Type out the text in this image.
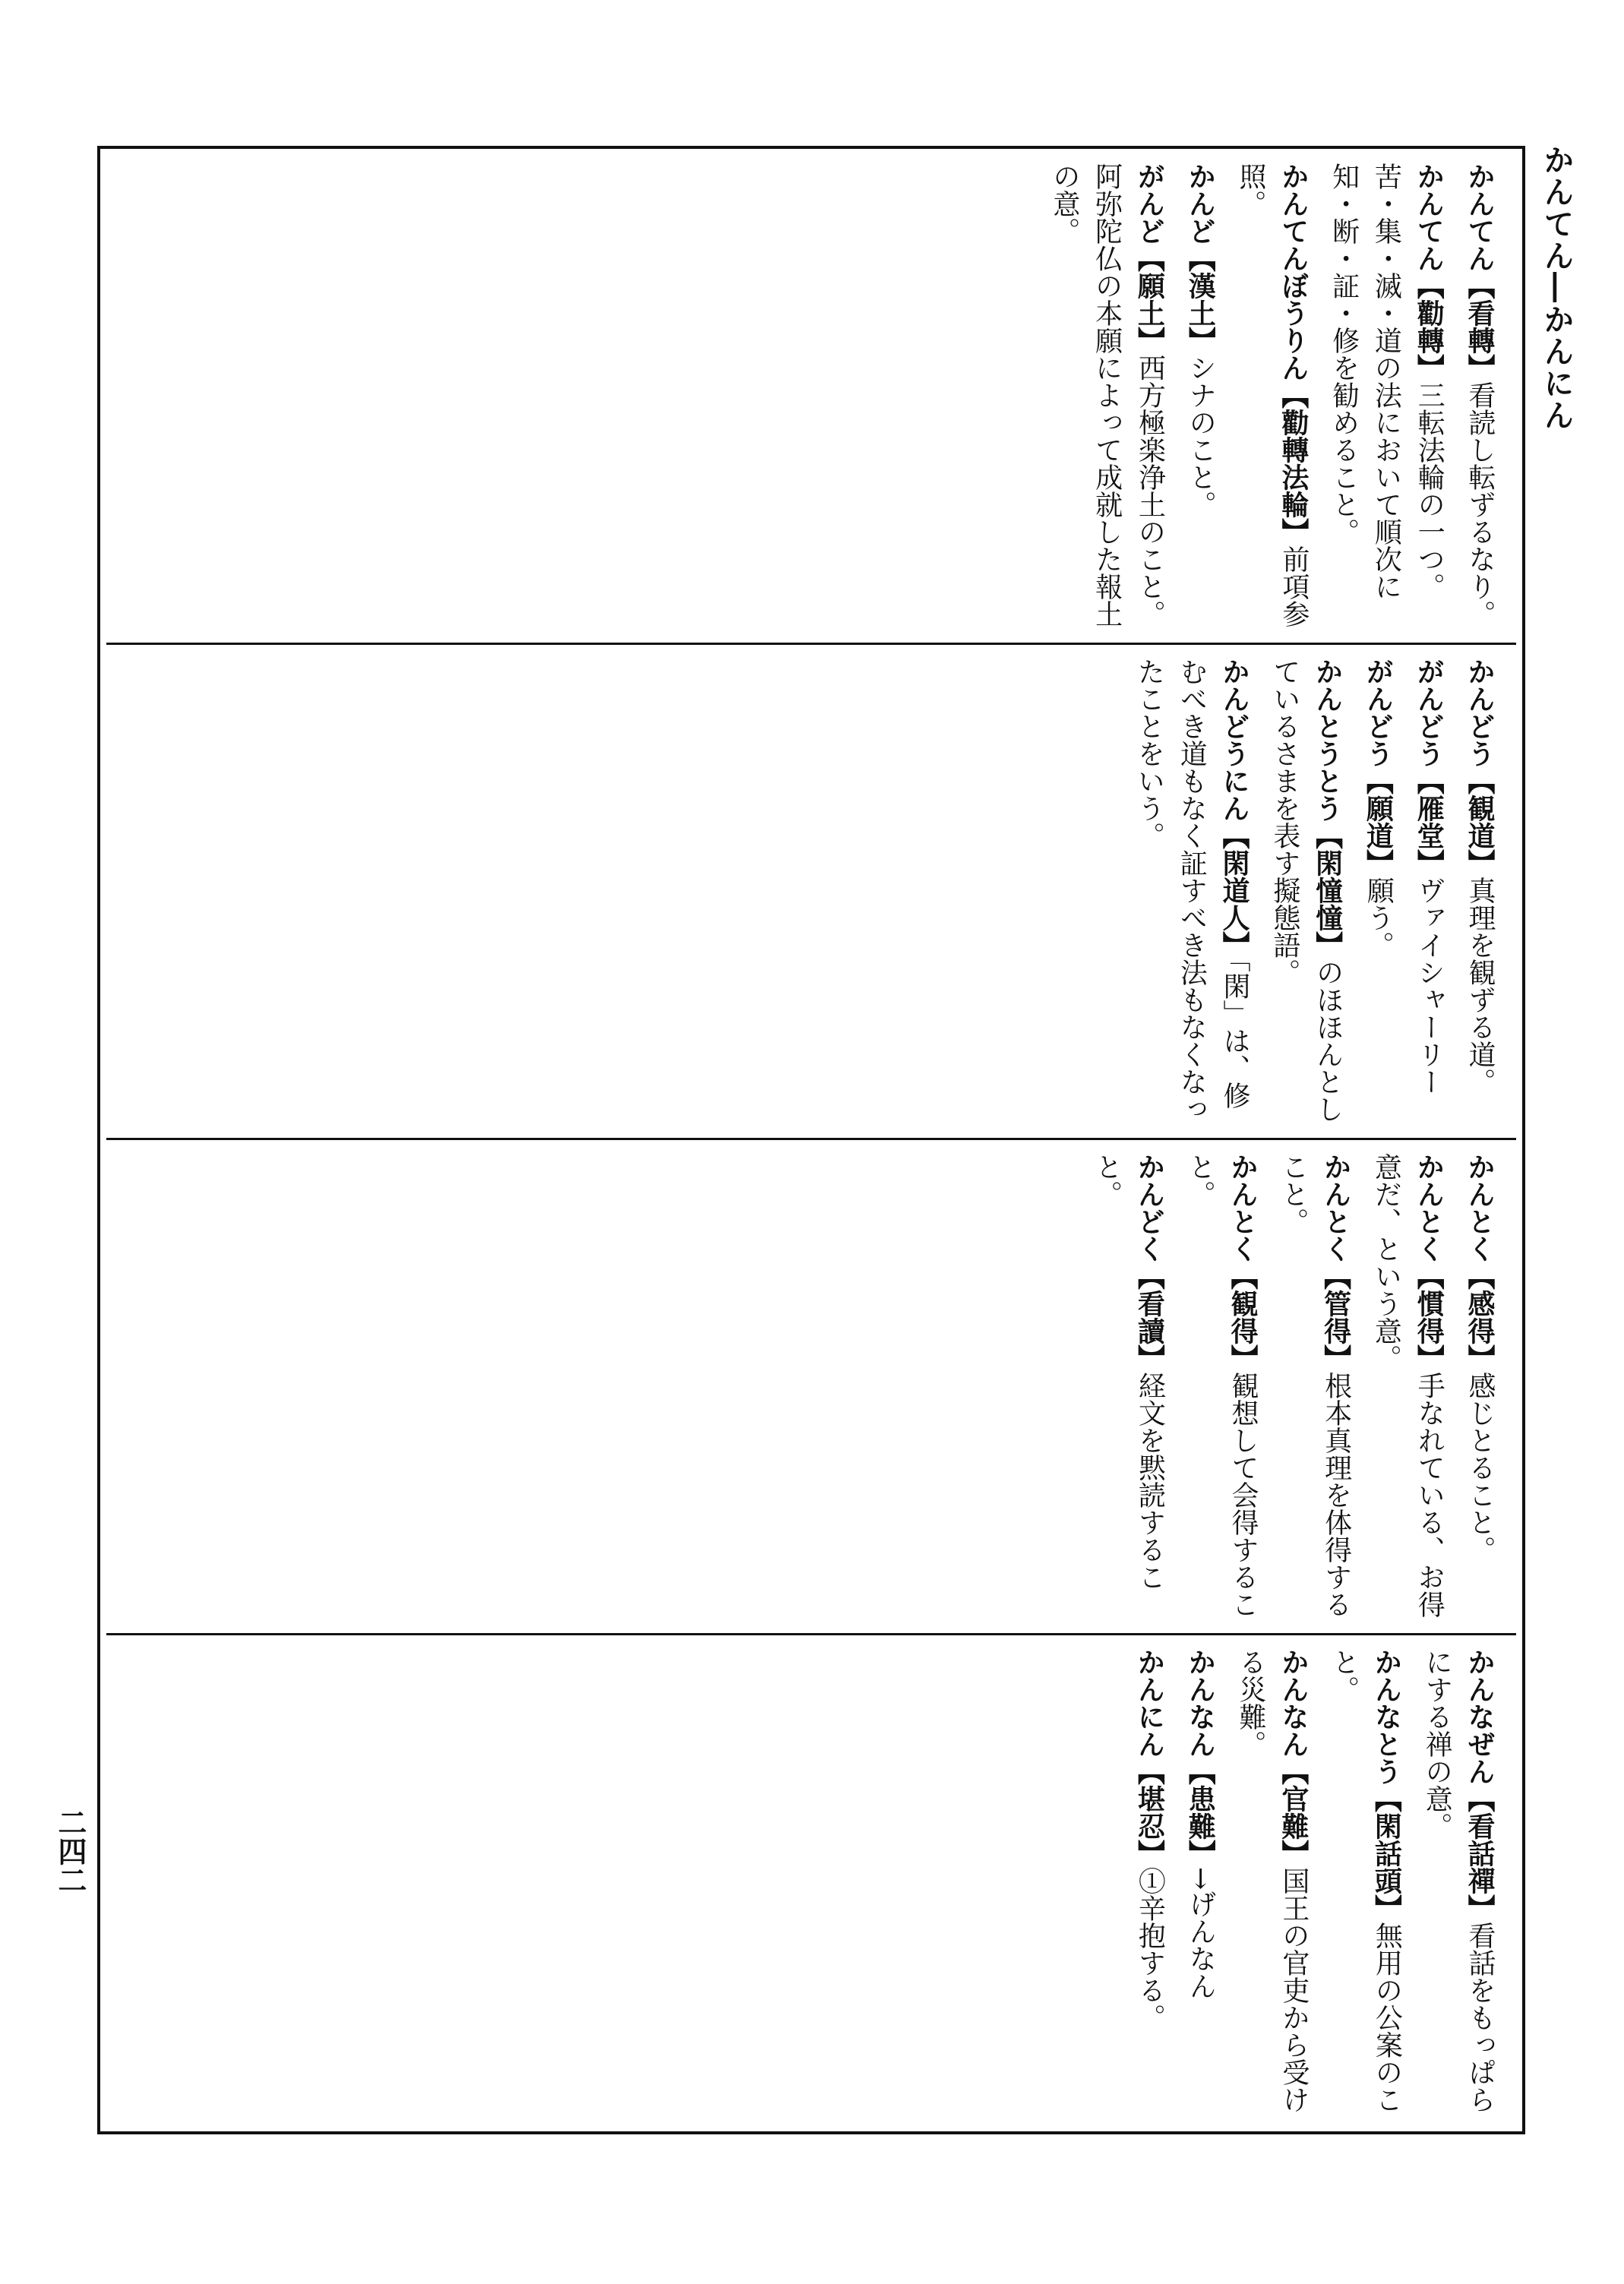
かんてん―かんにん
二四二
かんてん【看轉】看読し転ずるなり。
かんてん【勸轉】三転法輪の一つ。苦・集・滅・道の法において順次に知・断・証・修を勧めること。
かんてんぼうりん【勸轉法輪】前項参照。
かんど【漢土】シナのこと。
がんど【願土】西方極楽浄土のこと。阿弥陀仏の本願によって成就した報土の意。
かんどう【観道】真理を観ずる道。
がんどう【雁堂】ヴァイシャーリー
がんどう【願道】願う。
かんとうとう【閑憧憧】のほほんとしているさまを表す擬態語。
かんどうにん【閑道人】「閑」は、修むべき道もなく証すべき法もなくなったことをいう。
かんとく【感得】感じとること。
かんとく【慣得】手なれている、お得意だ、という意。
かんとく【管得】根本真理を体得すること。
かんとく【観得】観想して会得すること。
かんどく【看讀】経文を黙読すること。
かんなぜん【看話禪】看話をもっぱらにする禅の意。
かんなとう【閑話頭】無用の公案のこと。
かんなん【官難】国王の官吏から受ける災難。
かんなん【患難】→げんなん
かんにん【堪忍】①辛抱する。
